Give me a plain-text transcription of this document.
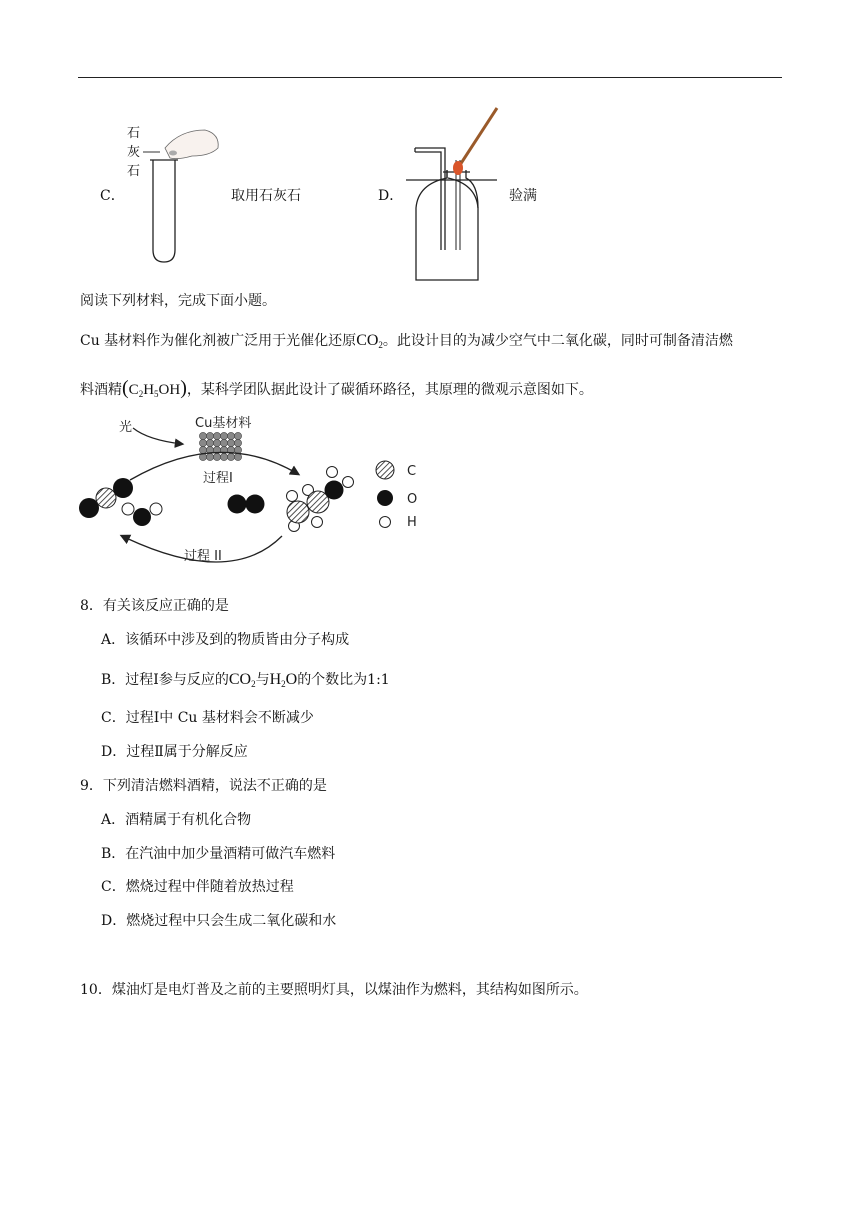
石
灰
石
C．	取用石灰石	D．	验满
阅读下列材料，完成下面小题。
Cu 基材料作为催化剂被广泛用于光催化还原$CO_2$。此设计目的为减少空气中二氧化碳，同时可制备清洁燃
料酒精$(C_2H_5OH)$，某科学团队据此设计了碳循环路径，其原理的微观示意图如下。
光	Cu基材料
过程I
过程 II
C
O
H
8．有关该反应正确的是
A．该循环中涉及到的物质皆由分子构成
B．过程Ⅰ参与反应的$CO_2$与$H_2O$的个数比为1:1
C．过程Ⅰ中 Cu 基材料会不断减少
D．过程Ⅱ属于分解反应
9．下列清洁燃料酒精，说法不正确的是
A．酒精属于有机化合物
B．在汽油中加少量酒精可做汽车燃料
C．燃烧过程中伴随着放热过程
D．燃烧过程中只会生成二氧化碳和水
10．煤油灯是电灯普及之前的主要照明灯具，以煤油作为燃料，其结构如图所示。
